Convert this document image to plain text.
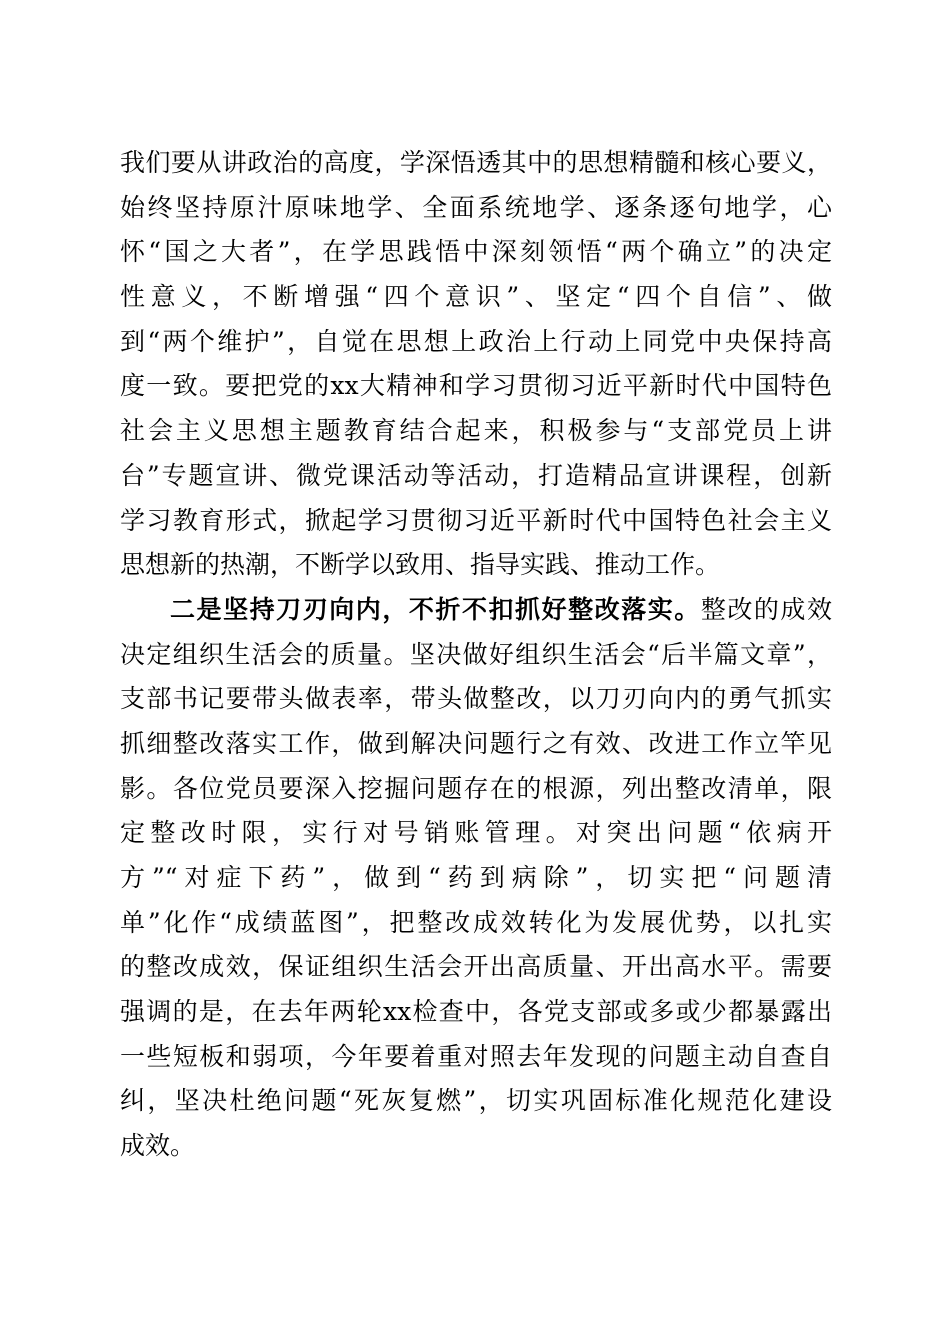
我们要从讲政治的高度，学深悟透其中的思想精髓和核心要义，
始终坚持原汁原味地学、全面系统地学、逐条逐句地学，心
怀“国之大者”，在学思践悟中深刻领悟“两个确立”的决定
性意义，不断增强“四个意识”、坚定“四个自信”、做
到“两个维护”，自觉在思想上政治上行动上同党中央保持高
度一致。要把党的xx大精神和学习贯彻习近平新时代中国特色
社会主义思想主题教育结合起来，积极参与“支部党员上讲
台”专题宣讲、微党课活动等活动，打造精品宣讲课程，创新
学习教育形式，掀起学习贯彻习近平新时代中国特色社会主义
思想新的热潮，不断学以致用、指导实践、推动工作。
二是坚持刀刃向内，不折不扣抓好整改落实。整改的成效
决定组织生活会的质量。坚决做好组织生活会“后半篇文章”，
支部书记要带头做表率，带头做整改，以刀刃向内的勇气抓实
抓细整改落实工作，做到解决问题行之有效、改进工作立竿见
影。各位党员要深入挖掘问题存在的根源，列出整改清单，限
定整改时限，实行对号销账管理。对突出问题“依病开
方”“对症下药”，做到“药到病除”，切实把“问题清
单”化作“成绩蓝图”，把整改成效转化为发展优势，以扎实
的整改成效，保证组织生活会开出高质量、开出高水平。需要
强调的是，在去年两轮xx检查中，各党支部或多或少都暴露出
一些短板和弱项，今年要着重对照去年发现的问题主动自查自
纠，坚决杜绝问题“死灰复燃”，切实巩固标准化规范化建设
成效。
